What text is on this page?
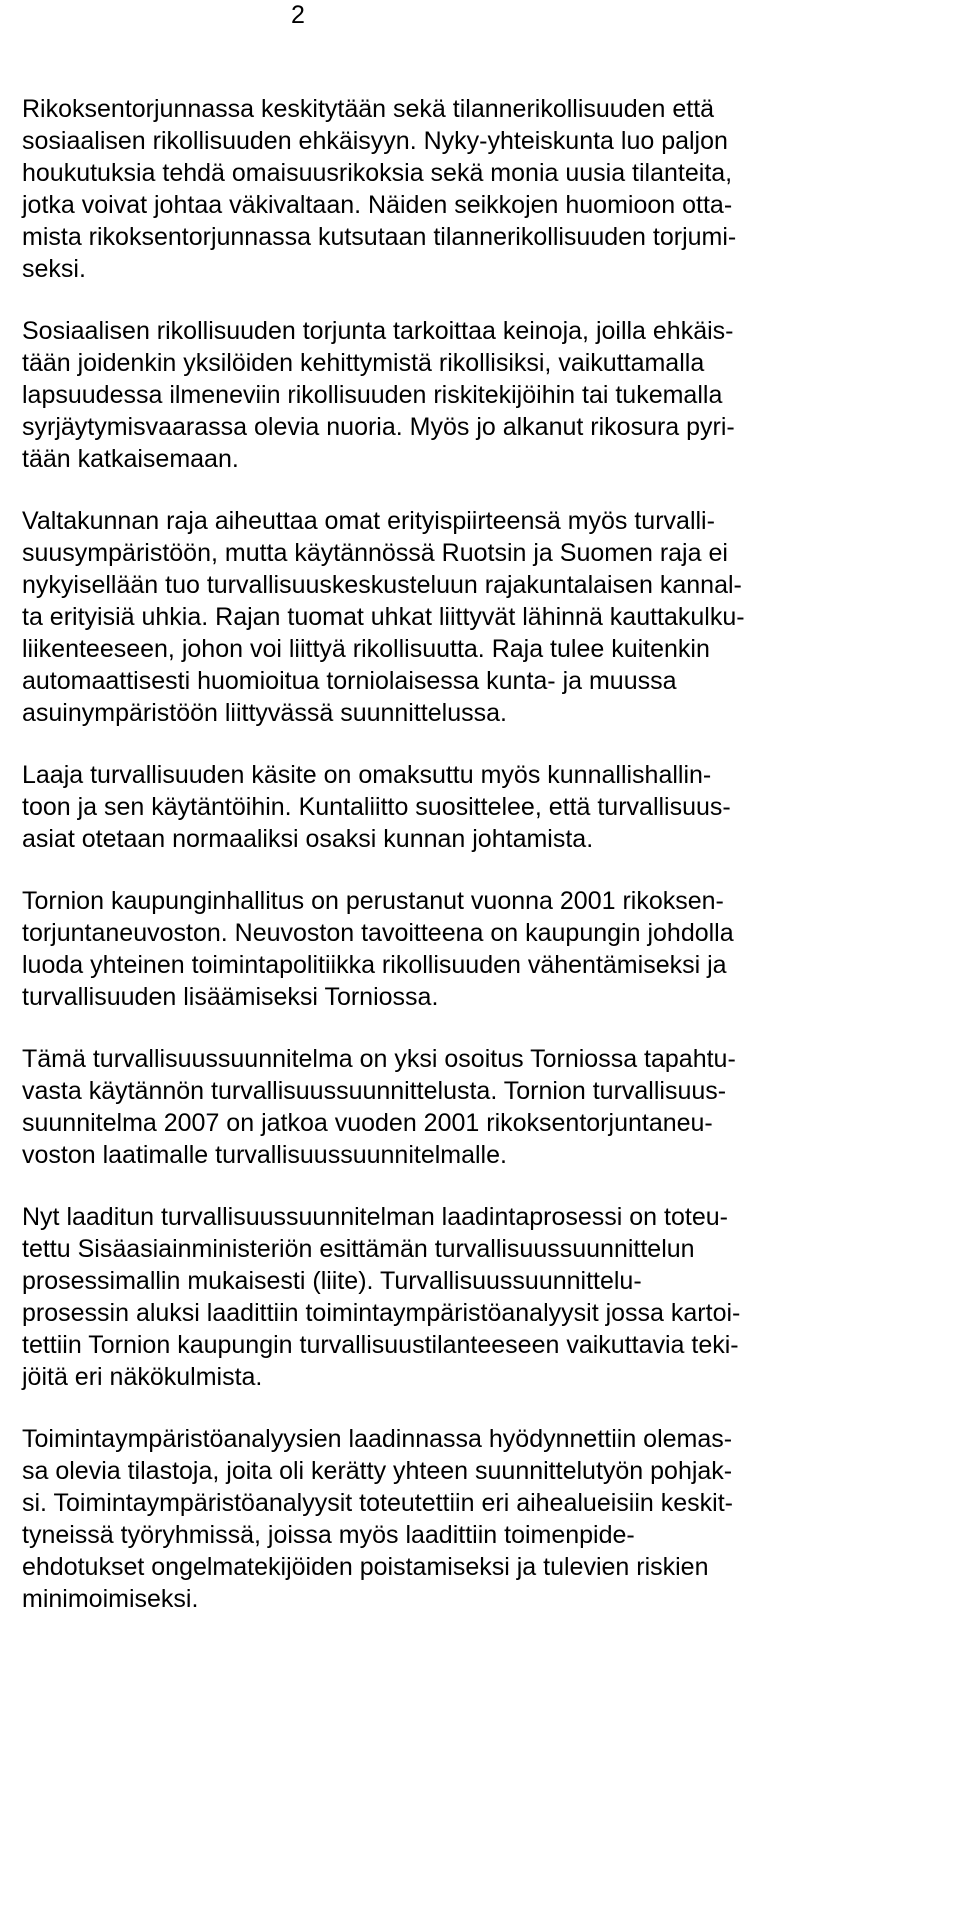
2

Rikoksentorjunnassa keskitytään sekä tilannerikollisuuden että
sosiaalisen rikollisuuden ehkäisyyn. Nyky-yhteiskunta luo paljon
houkutuksia tehdä omaisuusrikoksia sekä monia uusia tilanteita,
jotka voivat johtaa väkivaltaan. Näiden seikkojen huomioon otta-
mista rikoksentorjunnassa kutsutaan tilannerikollisuuden torjumi-
seksi.

Sosiaalisen rikollisuuden torjunta tarkoittaa keinoja, joilla ehkäis-
tään joidenkin yksilöiden kehittymistä rikollisiksi, vaikuttamalla
lapsuudessa ilmeneviin rikollisuuden riskitekijöihin tai tukemalla
syrjäytymisvaarassa olevia nuoria. Myös jo alkanut rikosura pyri-
tään katkaisemaan.

Valtakunnan raja aiheuttaa omat erityispiirteensä myös turvalli-
suusympäristöön, mutta käytännössä Ruotsin ja Suomen raja ei
nykyisellään tuo turvallisuuskeskusteluun rajakuntalaisen kannal-
ta erityisiä uhkia. Rajan tuomat uhkat liittyvät lähinnä kauttakulku-
liikenteeseen, johon voi liittyä rikollisuutta. Raja tulee kuitenkin
automaattisesti huomioitua torniolaisessa kunta- ja muussa
asuinympäristöön liittyvässä suunnittelussa.

Laaja turvallisuuden käsite on omaksuttu myös kunnallishallin-
toon ja sen käytäntöihin. Kuntaliitto suosittelee, että turvallisuus-
asiat otetaan normaaliksi osaksi kunnan johtamista.

Tornion kaupunginhallitus on perustanut vuonna 2001 rikoksen-
torjuntaneuvoston. Neuvoston tavoitteena on kaupungin johdolla
luoda yhteinen toimintapolitiikka rikollisuuden vähentämiseksi ja
turvallisuuden lisäämiseksi Torniossa.

Tämä turvallisuussuunnitelma on yksi osoitus Torniossa tapahtu-
vasta käytännön turvallisuussuunnittelusta. Tornion turvallisuus-
suunnitelma 2007 on jatkoa vuoden 2001 rikoksentorjuntaneu-
voston laatimalle turvallisuussuunnitelmalle.

Nyt laaditun turvallisuussuunnitelman laadintaprosessi on toteu-
tettu Sisäasiainministeriön esittämän turvallisuussuunnittelun
prosessimallin mukaisesti (liite). Turvallisuussuunnittelu-
prosessin aluksi laadittiin toimintaympäristöanalyysit jossa kartoi-
tettiin Tornion kaupungin turvallisuustilanteeseen vaikuttavia teki-
jöitä eri näkökulmista.

Toimintaympäristöanalyysien laadinnassa hyödynnettiin olemas-
sa olevia tilastoja, joita oli kerätty yhteen suunnittelutyön pohjak-
si. Toimintaympäristöanalyysit toteutettiin eri aihealueisiin keskit-
tyneissä työryhmissä, joissa myös laadittiin toimenpide-
ehdotukset ongelmatekijöiden poistamiseksi ja tulevien riskien
minimoimiseksi.
